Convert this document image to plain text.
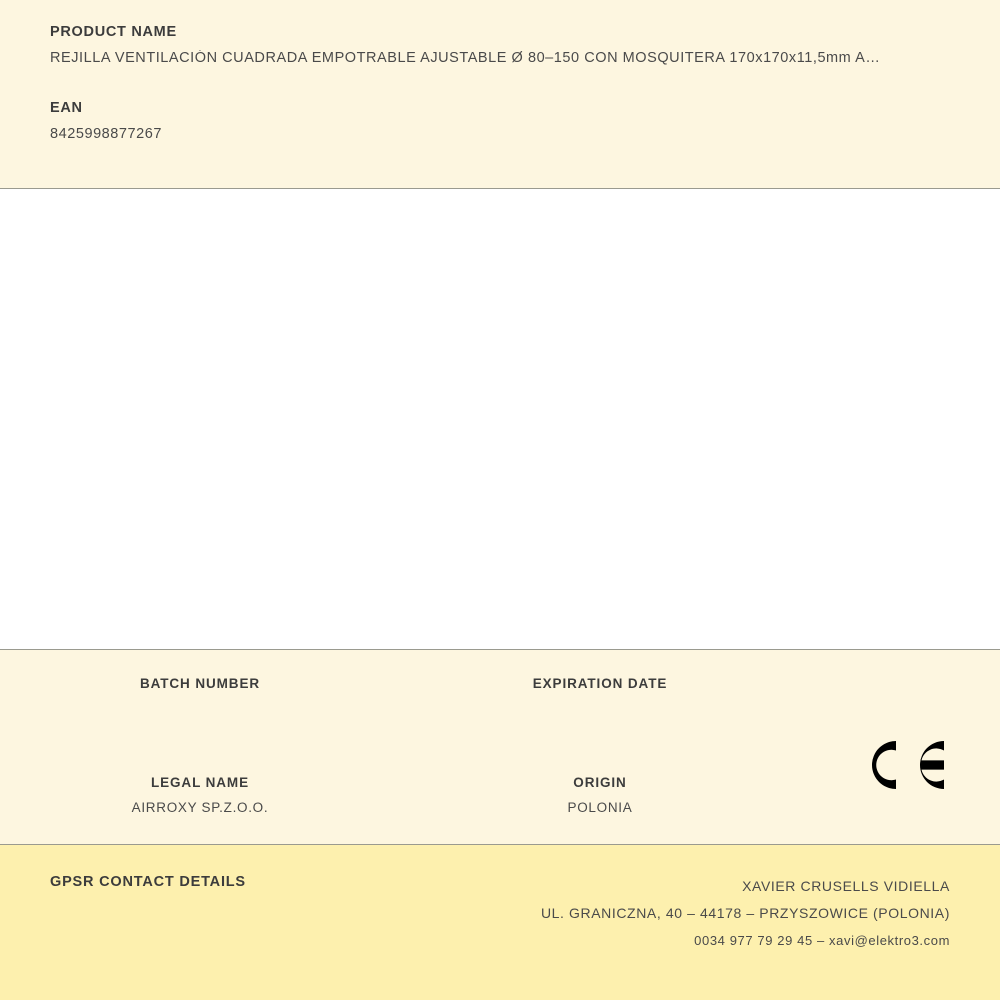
PRODUCT NAME

REJILLA VENTILACIÓN CUADRADA EMPOTRABLE AJUSTABLE Ø 80–150 CON MOSQUITERA 170x170x11,5mm A…

EAN

8425998877267

BATCH NUMBER	EXPIRATION DATE

LEGAL NAME

AIRROXY SP.Z.O.O.

ORIGIN

POLONIA

GPSR CONTACT DETAILS	XAVIER CRUSELLS VIDIELLA
UL. GRANICZNA, 40 – 44178 – PRZYSZOWICE (POLONIA)
0034 977 79 29 45 – xavi@elektro3.com
